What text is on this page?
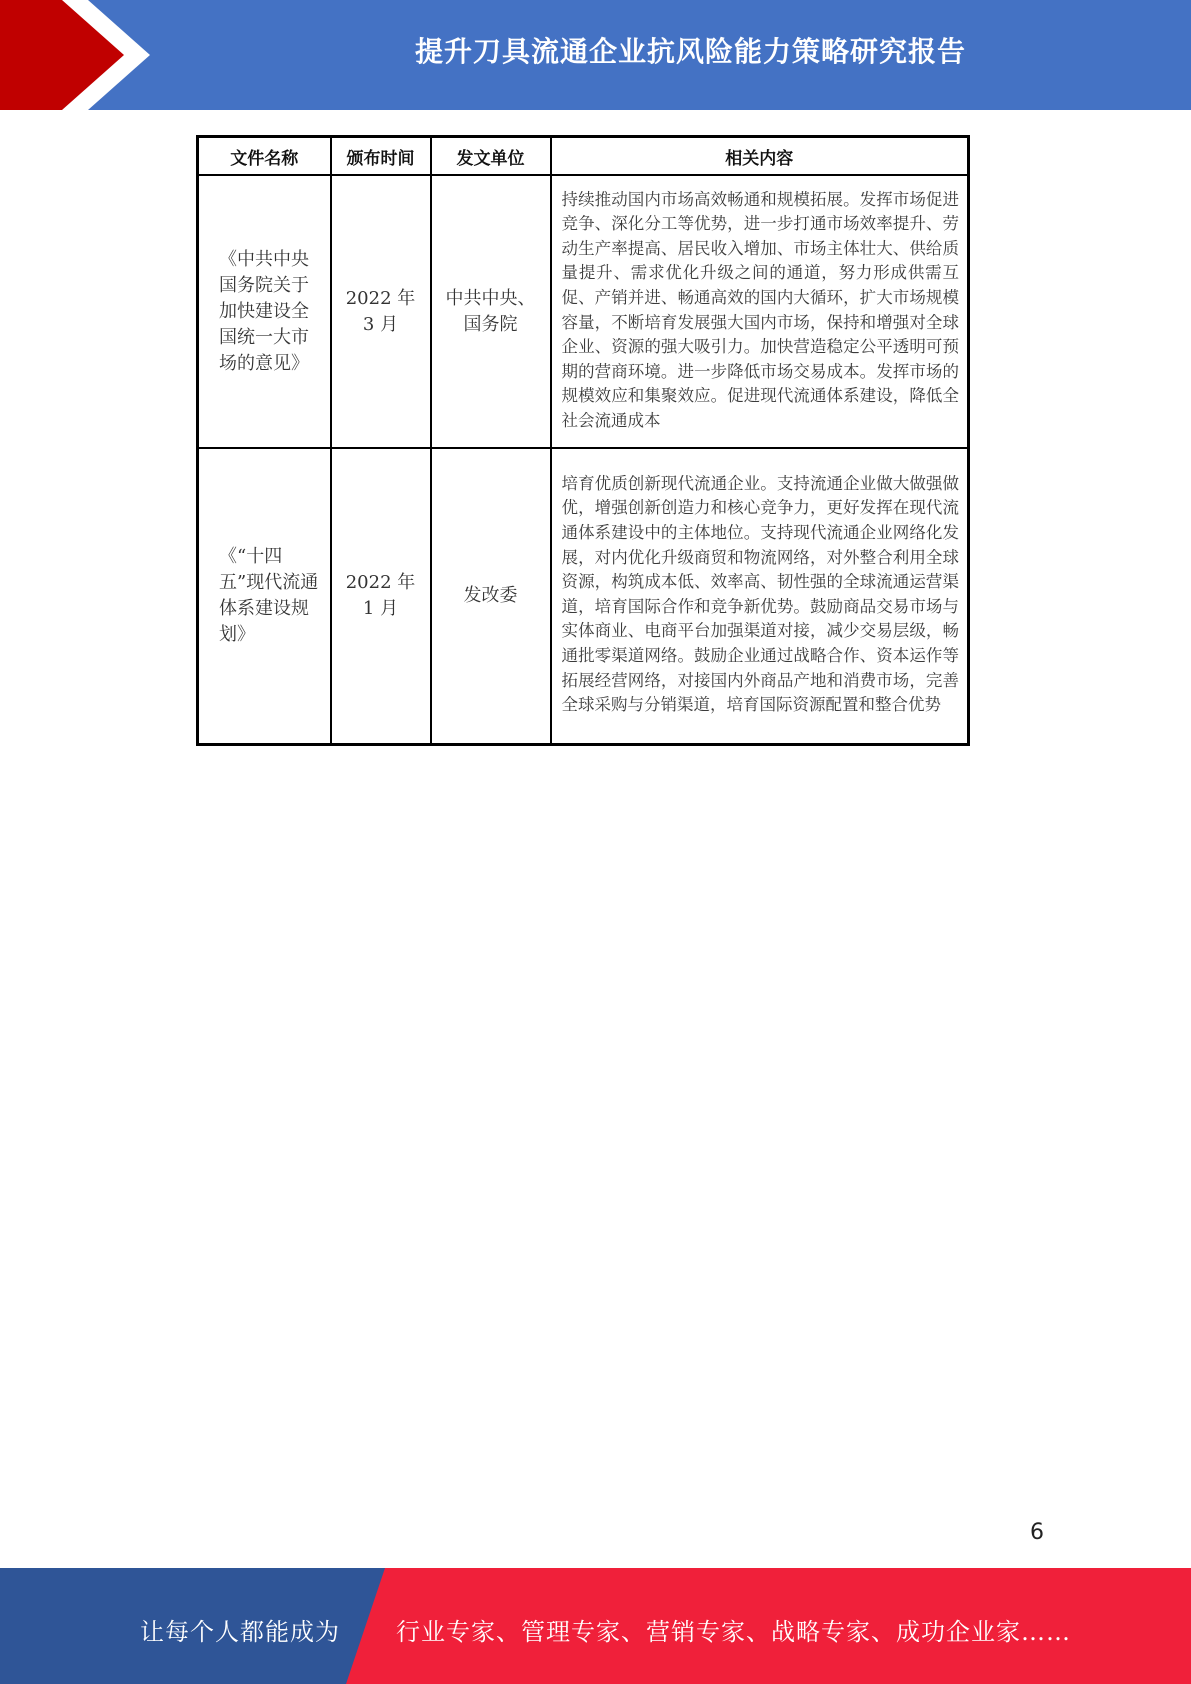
提升刀具流通企业抗风险能力策略研究报告
文件名称	颁布时间	发文单位	相关内容
《中共中央国务院关于加快建设全国统一大市场的意见》	2022 年 3 月	中共中央、国务院	持续推动国内市场高效畅通和规模拓展。发挥市场促进竞争、深化分工等优势，进一步打通市场效率提升、劳动生产率提高、居民收入增加、市场主体壮大、供给质量提升、需求优化升级之间的通道，努力形成供需互促、产销并进、畅通高效的国内大循环，扩大市场规模容量，不断培育发展强大国内市场，保持和增强对全球企业、资源的强大吸引力。加快营造稳定公平透明可预期的营商环境。进一步降低市场交易成本。发挥市场的规模效应和集聚效应。促进现代流通体系建设，降低全社会流通成本
《“十四五”现代流通体系建设规划》	2022 年 1 月	发改委	培育优质创新现代流通企业。支持流通企业做大做强做优，增强创新创造力和核心竞争力，更好发挥在现代流通体系建设中的主体地位。支持现代流通企业网络化发展，对内优化升级商贸和物流网络，对外整合利用全球资源，构筑成本低、效率高、韧性强的全球流通运营渠道，培育国际合作和竞争新优势。鼓励商品交易市场与实体商业、电商平台加强渠道对接，减少交易层级，畅通批零渠道网络。鼓励企业通过战略合作、资本运作等拓展经营网络，对接国内外商品产地和消费市场，完善全球采购与分销渠道，培育国际资源配置和整合优势
6
让每个人都能成为 行业专家、管理专家、营销专家、战略专家、成功企业家……
